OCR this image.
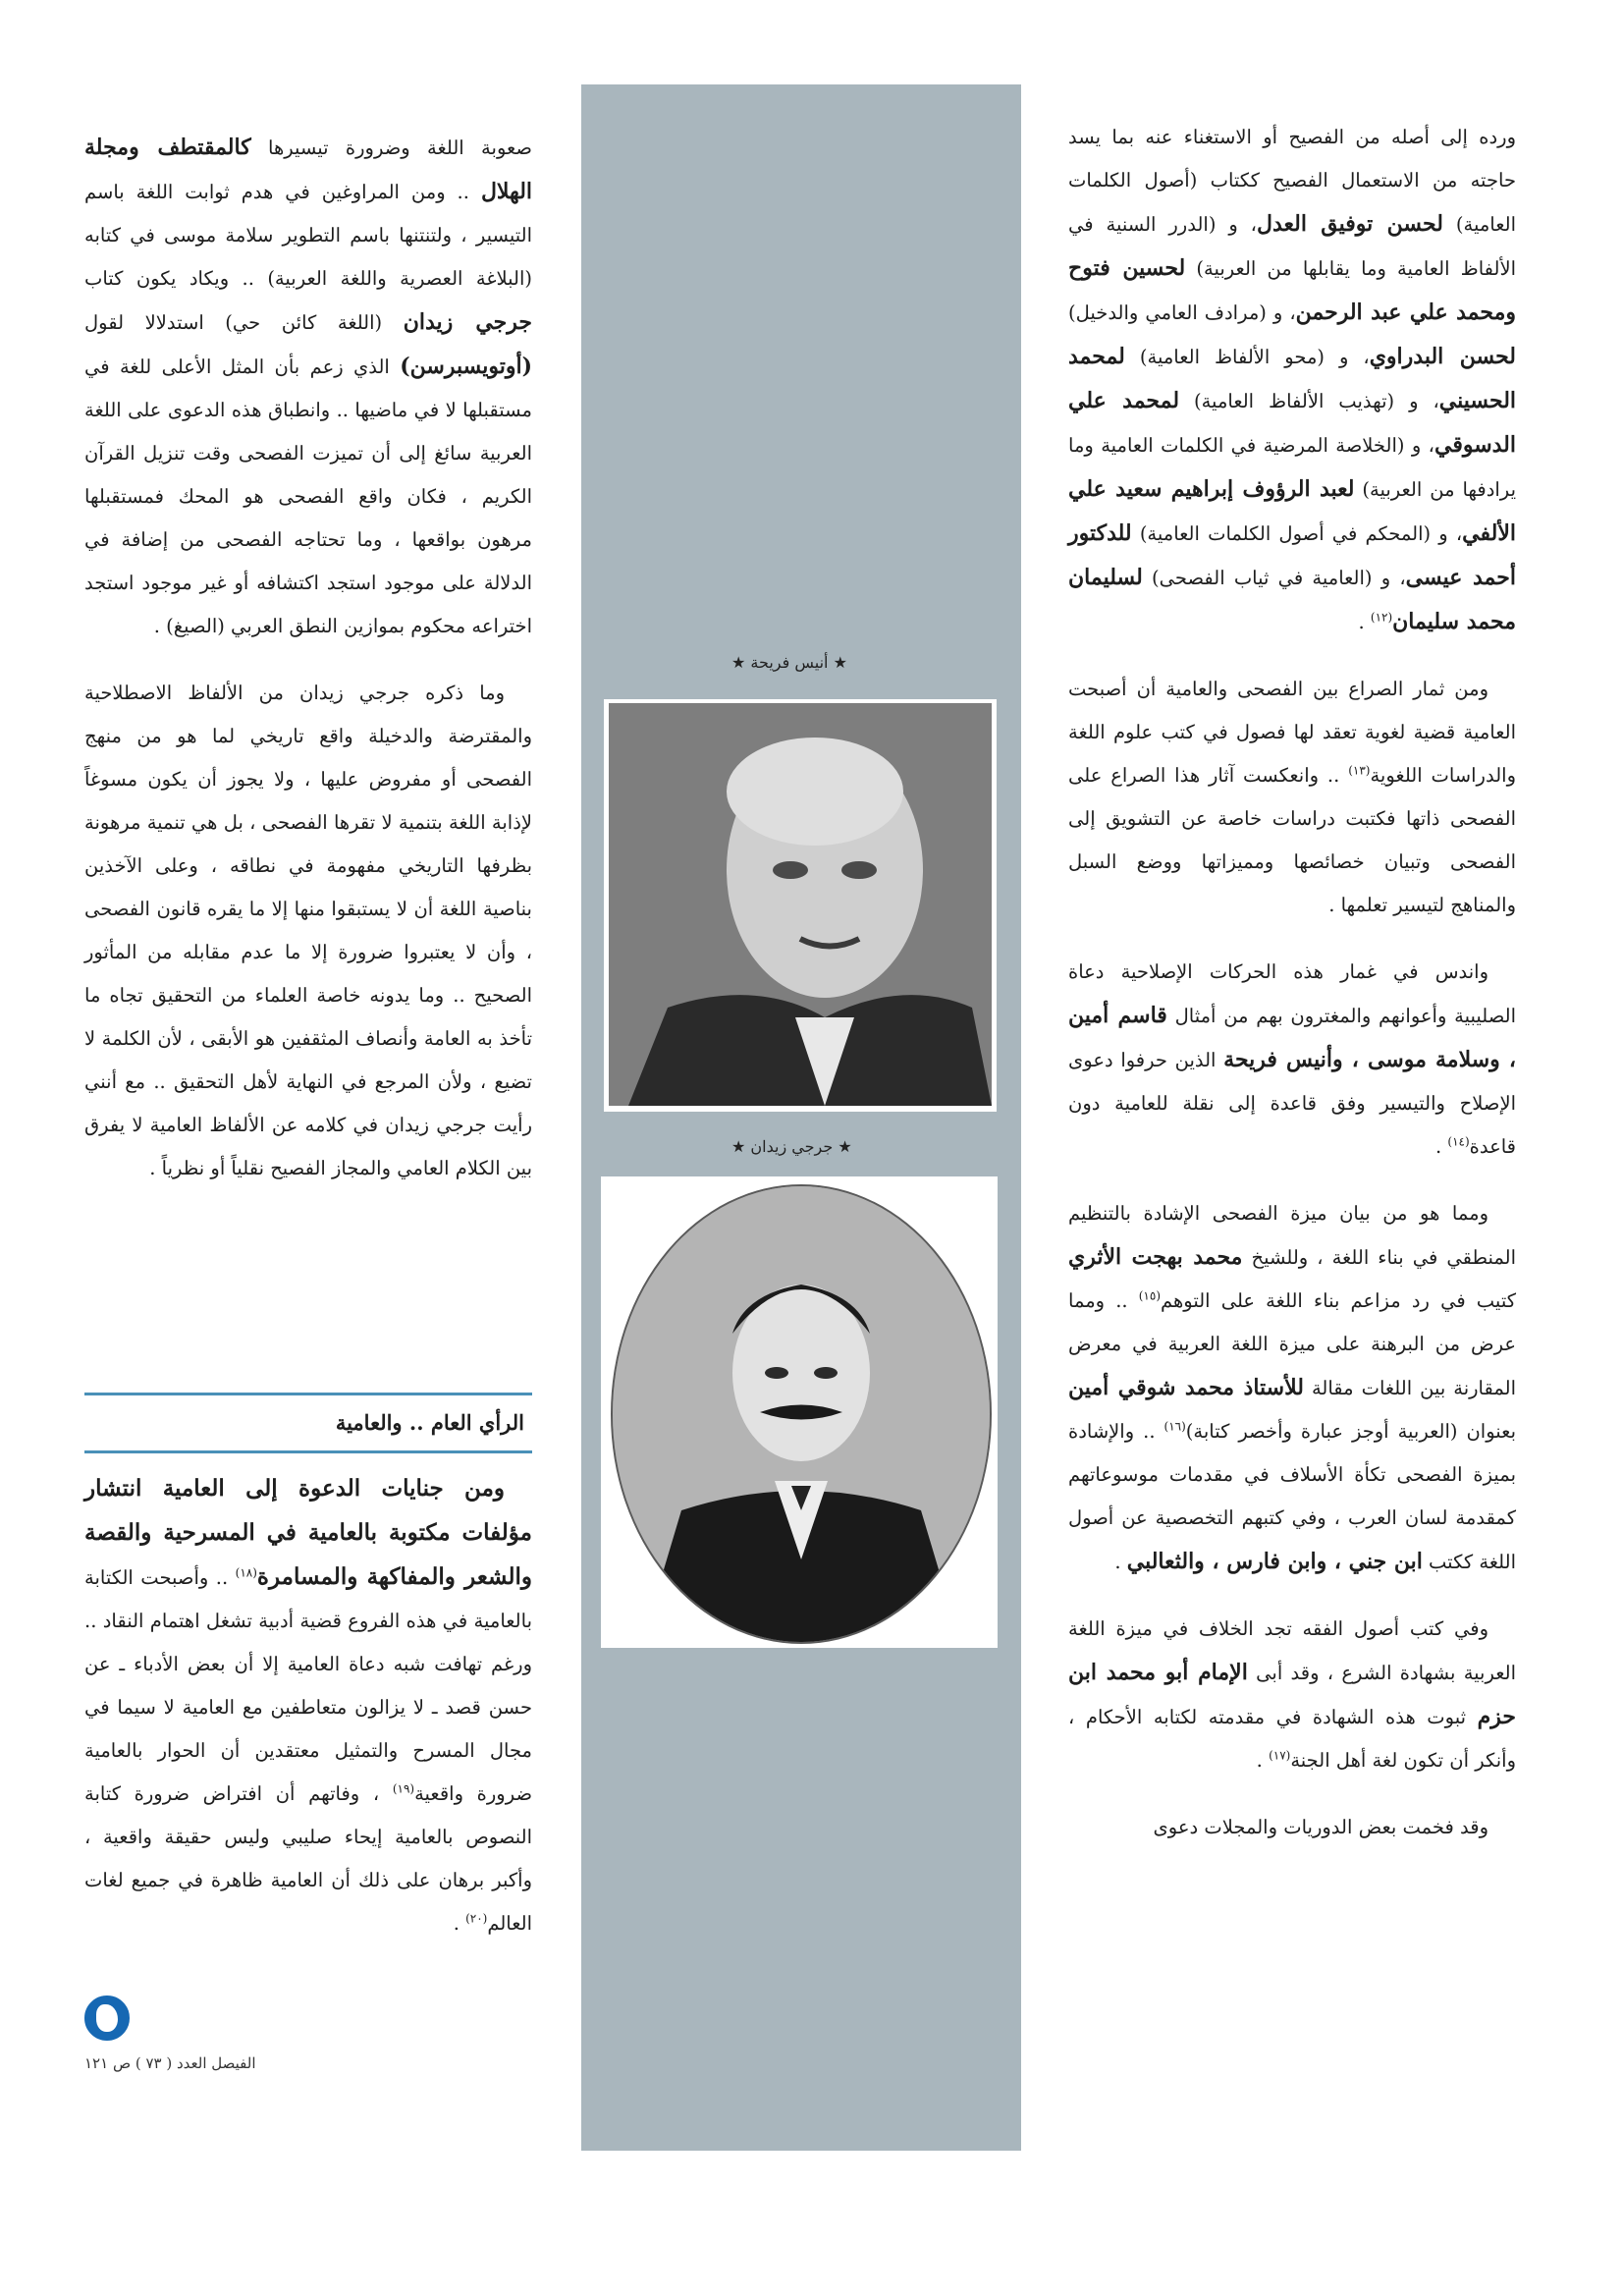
★ أنيس فريحة ★
★ جرجي زيدان ★

ورده إلى أصله من الفصيح أو الاستغناء عنه بما يسد حاجته من الاستعمال الفصيح ككتاب (أصول الكلمات العامية) لحسن توفيق العدل، و (الدرر السنية في الألفاظ العامية وما يقابلها من العربية) لحسين فتوح ومحمد علي عبد الرحمن، و (مرادف العامي والدخيل) لحسن البدراوي، و (محو الألفاظ العامية) لمحمد الحسيني، و (تهذيب الألفاظ العامية) لمحمد علي الدسوقي، و (الخلاصة المرضية في الكلمات العامية وما يرادفها من العربية) لعبد الرؤوف إبراهيم سعيد علي الألفي، و (المحكم في أصول الكلمات العامية) للدكتور أحمد عيسى، و (العامية في ثياب الفصحى) لسليمان محمد سليمان$^{(١٢)}$ .

ومن ثمار الصراع بين الفصحى والعامية أن أصبحت العامية قضية لغوية تعقد لها فصول في كتب علوم اللغة والدراسات اللغوية$^{(١٣)}$ .. وانعكست آثار هذا الصراع على الفصحى ذاتها فكتبت دراسات خاصة عن التشويق إلى الفصحى وتبيان خصائصها ومميزاتها ووضع السبل والمناهج لتيسير تعلمها .

واندس في غمار هذه الحركات الإصلاحية دعاة الصليبية وأعوانهم والمغترون بهم من أمثال قاسم أمين ، وسلامة موسى ، وأنيس فريحة الذين حرفوا دعوى الإصلاح والتيسير وفق قاعدة إلى نقلة للعامية دون قاعدة$^{(١٤)}$ .

ومما هو من بيان ميزة الفصحى الإشادة بالتنظيم المنطقي في بناء اللغة ، وللشيخ محمد بهجت الأثري كتيب في رد مزاعم بناء اللغة على التوهم$^{(١٥)}$ .. ومما عرض من البرهنة على ميزة اللغة العربية في معرض المقارنة بين اللغات مقالة للأستاذ محمد شوقي أمين بعنوان (العربية أوجز عبارة وأخصر كتابة)$^{(١٦)}$ .. والإشادة بميزة الفصحى تكأة الأسلاف في مقدمات موسوعاتهم كمقدمة لسان العرب ، وفي كتبهم التخصصية عن أصول اللغة ككتب ابن جني ، وابن فارس ، والثعالبي .

وفي كتب أصول الفقه تجد الخلاف في ميزة اللغة العربية بشهادة الشرع ، وقد أبى الإمام أبو محمد ابن حزم ثبوت هذه الشهادة في مقدمته لكتابه الأحكام ، وأنكر أن تكون لغة أهل الجنة$^{(١٧)}$ .

وقد فخمت بعض الدوريات والمجلات دعوى

صعوبة اللغة وضرورة تيسيرها كالمقتطف ومجلة الهلال .. ومن المراوغين في هدم ثوابت اللغة باسم التيسير ، ولتنتنها باسم التطوير سلامة موسى في كتابه (البلاغة العصرية واللغة العربية) .. ويكاد يكون كتاب جرجي زيدان (اللغة كائن حي) استدلالا لقول (أوتويسبرسن) الذي زعم بأن المثل الأعلى للغة في مستقبلها لا في ماضيها .. وانطباق هذه الدعوى على اللغة العربية سائغ إلى أن تميزت الفصحى وقت تنزيل القرآن الكريم ، فكان واقع الفصحى هو المحك فمستقبلها مرهون بواقعها ، وما تحتاجه الفصحى من إضافة في الدلالة على موجود استجد اكتشافه أو غير موجود استجد اختراعه محكوم بموازين النطق العربي (الصيغ) .

وما ذكره جرجي زيدان من الألفاظ الاصطلاحية والمقترضة والدخيلة واقع تاريخي لما هو من منهج الفصحى أو مفروض عليها ، ولا يجوز أن يكون مسوغاً لإذابة اللغة بتنمية لا تقرها الفصحى ، بل هي تنمية مرهونة بظرفها التاريخي مفهومة في نطاقه ، وعلى الآخذين بناصية اللغة أن لا يستبقوا منها إلا ما يقره قانون الفصحى ، وأن لا يعتبروا ضرورة إلا ما عدم مقابله من المأثور الصحيح .. وما يدونه خاصة العلماء من التحقيق تجاه ما تأخذ به العامة وأنصاف المثقفين هو الأبقى ، لأن الكلمة لا تضيع ، ولأن المرجع في النهاية لأهل التحقيق .. مع أنني رأيت جرجي زيدان في كلامه عن الألفاظ العامية لا يفرق بين الكلام العامي والمجاز الفصيح نقلياً أو نظرياً .

الرأي العام .. والعامية

ومن جنايات الدعوة إلى العامية انتشار مؤلفات مكتوبة بالعامية في المسرحية والقصة والشعر والمفاكهة والمسامرة$^{(١٨)}$ .. وأصبحت الكتابة بالعامية في هذه الفروع قضية أدبية تشغل اهتمام النقاد .. ورغم تهافت شبه دعاة العامية إلا أن بعض الأدباء ـ عن حسن قصد ـ لا يزالون متعاطفين مع العامية لا سيما في مجال المسرح والتمثيل معتقدين أن الحوار بالعامية ضرورة واقعية$^{(١٩)}$ ، وفاتهم أن افتراض ضرورة كتابة النصوص بالعامية إيحاء صليبي وليس حقيقة واقعية ، وأكبر برهان على ذلك أن العامية ظاهرة في جميع لغات العالم$^{(٢٠)}$ .

الفيصل العدد ( ٧٣ ) ص ١٢١
